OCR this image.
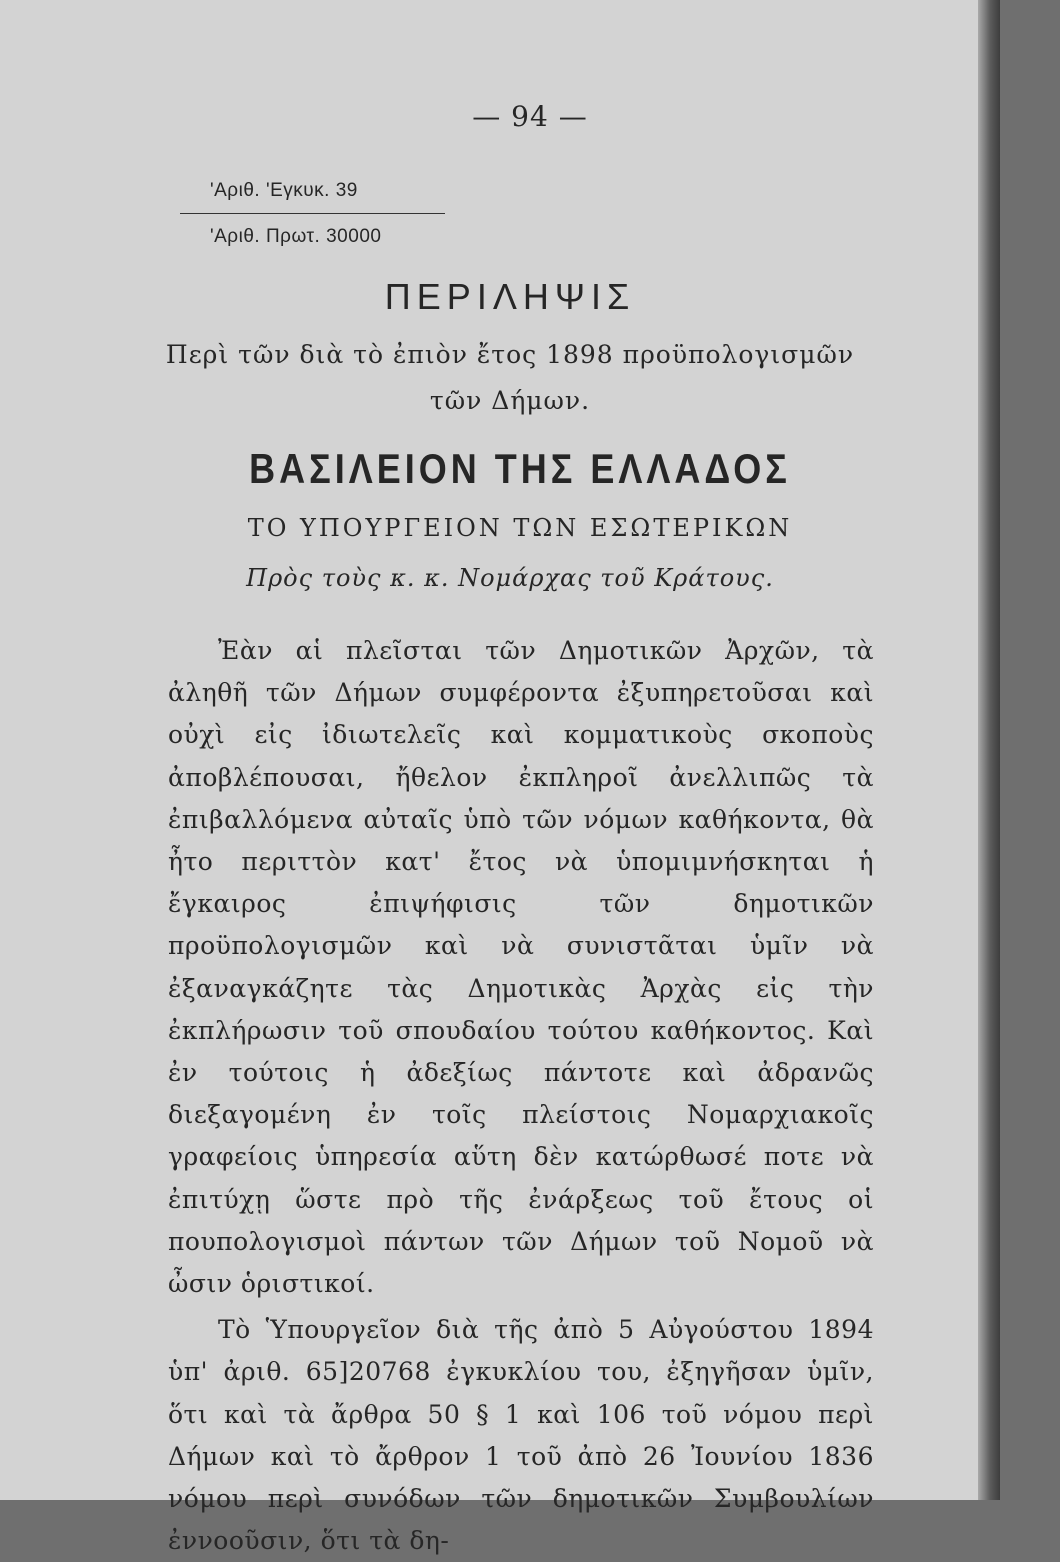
— 94 —
'Αριθ. 'Εγκυκ. 39
'Αριθ. Πρωτ. 30000
ΠΕΡΙΛΗΨΙΣ
Περὶ τῶν διὰ τὸ ἐπιὸν ἔτος 1898 προϋπολογισμῶν
τῶν Δήμων.
ΒΑΣΙΛΕΙΟΝ ΤΗΣ ΕΛΛΑΔΟΣ
ΤΟ ΥΠΟΥΡΓΕΙΟΝ ΤΩΝ ΕΣΩΤΕΡΙΚΩΝ
Πρὸς τοὺς κ. κ. Νομάρχας τοῦ Κράτους.

Ἐὰν αἱ πλεῖσται τῶν Δημοτικῶν Ἀρχῶν, τὰ ἀληθῆ τῶν Δήμων συμφέροντα ἐξυπηρετοῦσαι καὶ οὐχὶ εἰς ἰδιωτελεῖς καὶ κομματικοὺς σκοποὺς ἀποβλέπουσαι, ἤθελον ἐκπληροῖ ἀνελλιπῶς τὰ ἐπιβαλλόμενα αὐταῖς ὑπὸ τῶν νόμων καθήκοντα, θὰ ἦτο περιττὸν κατ' ἔτος νὰ ὑπομιμνήσκηται ἡ ἔγκαιρος ἐπιψήφισις τῶν δημοτικῶν προϋπολογισμῶν καὶ νὰ συνιστᾶται ὑμῖν νὰ ἐξαναγκάζητε τὰς Δημοτικὰς Ἀρχὰς εἰς τὴν ἐκπλήρωσιν τοῦ σπουδαίου τούτου καθήκοντος. Καὶ ἐν τούτοις ἡ ἀδεξίως πάντοτε καὶ ἀδρανῶς διεξαγομένη ἐν τοῖς πλείστοις Νομαρχιακοῖς γραφείοις ὑπηρεσία αὕτη δὲν κατώρθωσέ ποτε νὰ ἐπιτύχῃ ὥστε πρὸ τῆς ἐνάρξεως τοῦ ἔτους οἱ πουπολογισμοὶ πάντων τῶν Δήμων τοῦ Νομοῦ νὰ ὦσιν ὁριστικοί.

Τὸ Ὑπουργεῖον διὰ τῆς ἀπὸ 5 Αὐγούστου 1894 ὑπ' ἀριθ. 65]20768 ἐγκυκλίου του, ἐξηγῆσαν ὑμῖν, ὅτι καὶ τὰ ἄρθρα 50 § 1 καὶ 106 τοῦ νόμου περὶ Δήμων καὶ τὸ ἄρθρον 1 τοῦ ἀπὸ 26 Ἰουνίου 1836 νόμου περὶ συνόδων τῶν δημοτικῶν Συμβουλίων ἐννοοῦσιν, ὅτι τὰ δη-
